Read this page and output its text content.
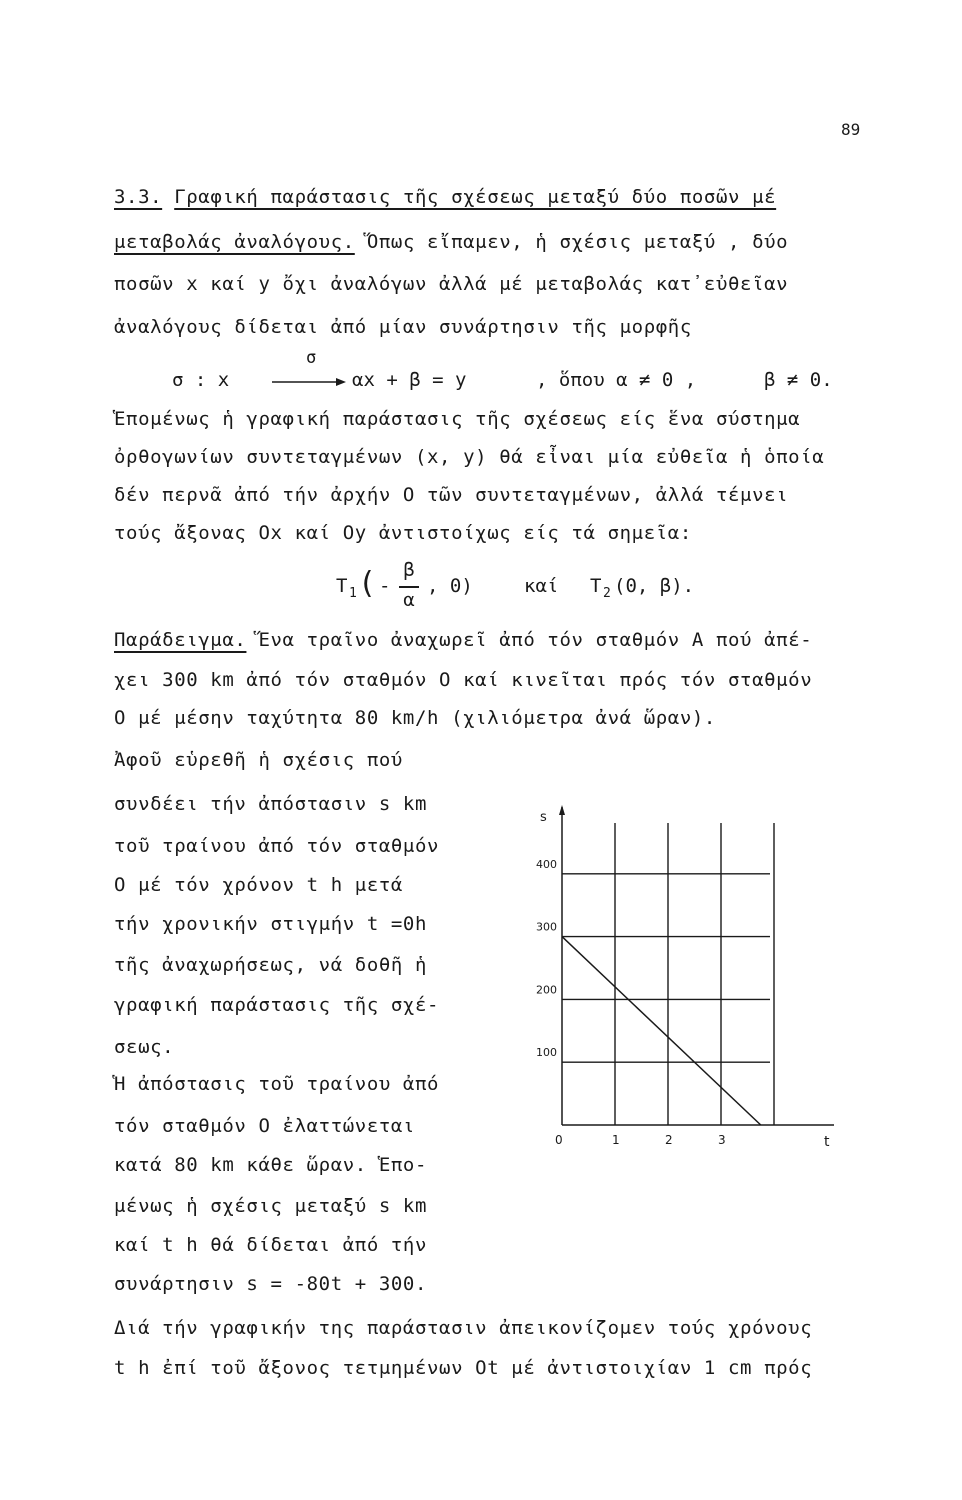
89
3.3. Γραφική παράστασις τῆς σχέσεως μεταξύ δύο ποσῶν μέ
μεταβολάς ἀναλόγους. Ὅπως εἴπαμεν, ἡ σχέσις μεταξύ , δύο
ποσῶν x καί y ὄχι ἀναλόγων ἀλλά μέ μεταβολάς κατ᾽εὐθεῖαν
ἀναλόγους δίδεται ἀπό μίαν συνάρτησιν τῆς μορφῆς
σ
σ : x	αx + β = y	, ὅπου α ≠ 0 ,	β ≠ 0.
Ἑπομένως ἡ γραφική παράστασις τῆς σχέσεως είς ἕνα σύστημα
ὀρθογωνίων συντεταγμένων (x, y) θά εἶναι μία εὐθεῖα ἡ ὁποία
δέν περνᾶ ἀπό τήν ἀρχήν O τῶν συντεταγμένων, ἀλλά τέμνει
τούς ἄξονας Ox καί Oy ἀντιστοίχως είς τά σημεῖα:
T 1 ( -
β
α
, 0)	καί T 2 (0, β).
Παράδειγμα. Ἕνα τραῖνο ἀναχωρεῖ ἀπό τόν σταθμόν A πού ἀπέ-
χει 300 km ἀπό τόν σταθμόν O καί κινεῖται πρός τόν σταθμόν
O μέ μέσην ταχύτητα 80 km/h (χιλιόμετρα ἀνά ὥραν).
Ἀφοῦ εὑρεθῆ ἡ σχέσις πού
συνδέει τήν ἀπόστασιν s km
τοῦ τραίνου ἀπό τόν σταθμόν
O μέ τόν χρόνον t h μετά
τήν χρονικήν στιγμήν t =0h
τῆς ἀναχωρήσεως, νά δοθῆ ἡ
γραφική παράστασις τῆς σχέ-
σεως.
Ἡ ἀπόστασις τοῦ τραίνου ἀπό
τόν σταθμόν O ἐλαττώνεται
κατά 80 km κάθε ὥραν. Ἑπο-
μένως ἡ σχέσις μεταξύ s km
καί t h θά δίδεται ἀπό τήν
συνάρτησιν s = -80t + 300.
100
200
300
400
0	1	2	3
s
t
Διά τήν γραφικήν της παράστασιν ἀπεικονίζομεν τούς χρόνους
t h ἐπί τοῦ ἄξονος τετμημένων Ot μέ ἀντιστοιχίαν 1 cm πρός
